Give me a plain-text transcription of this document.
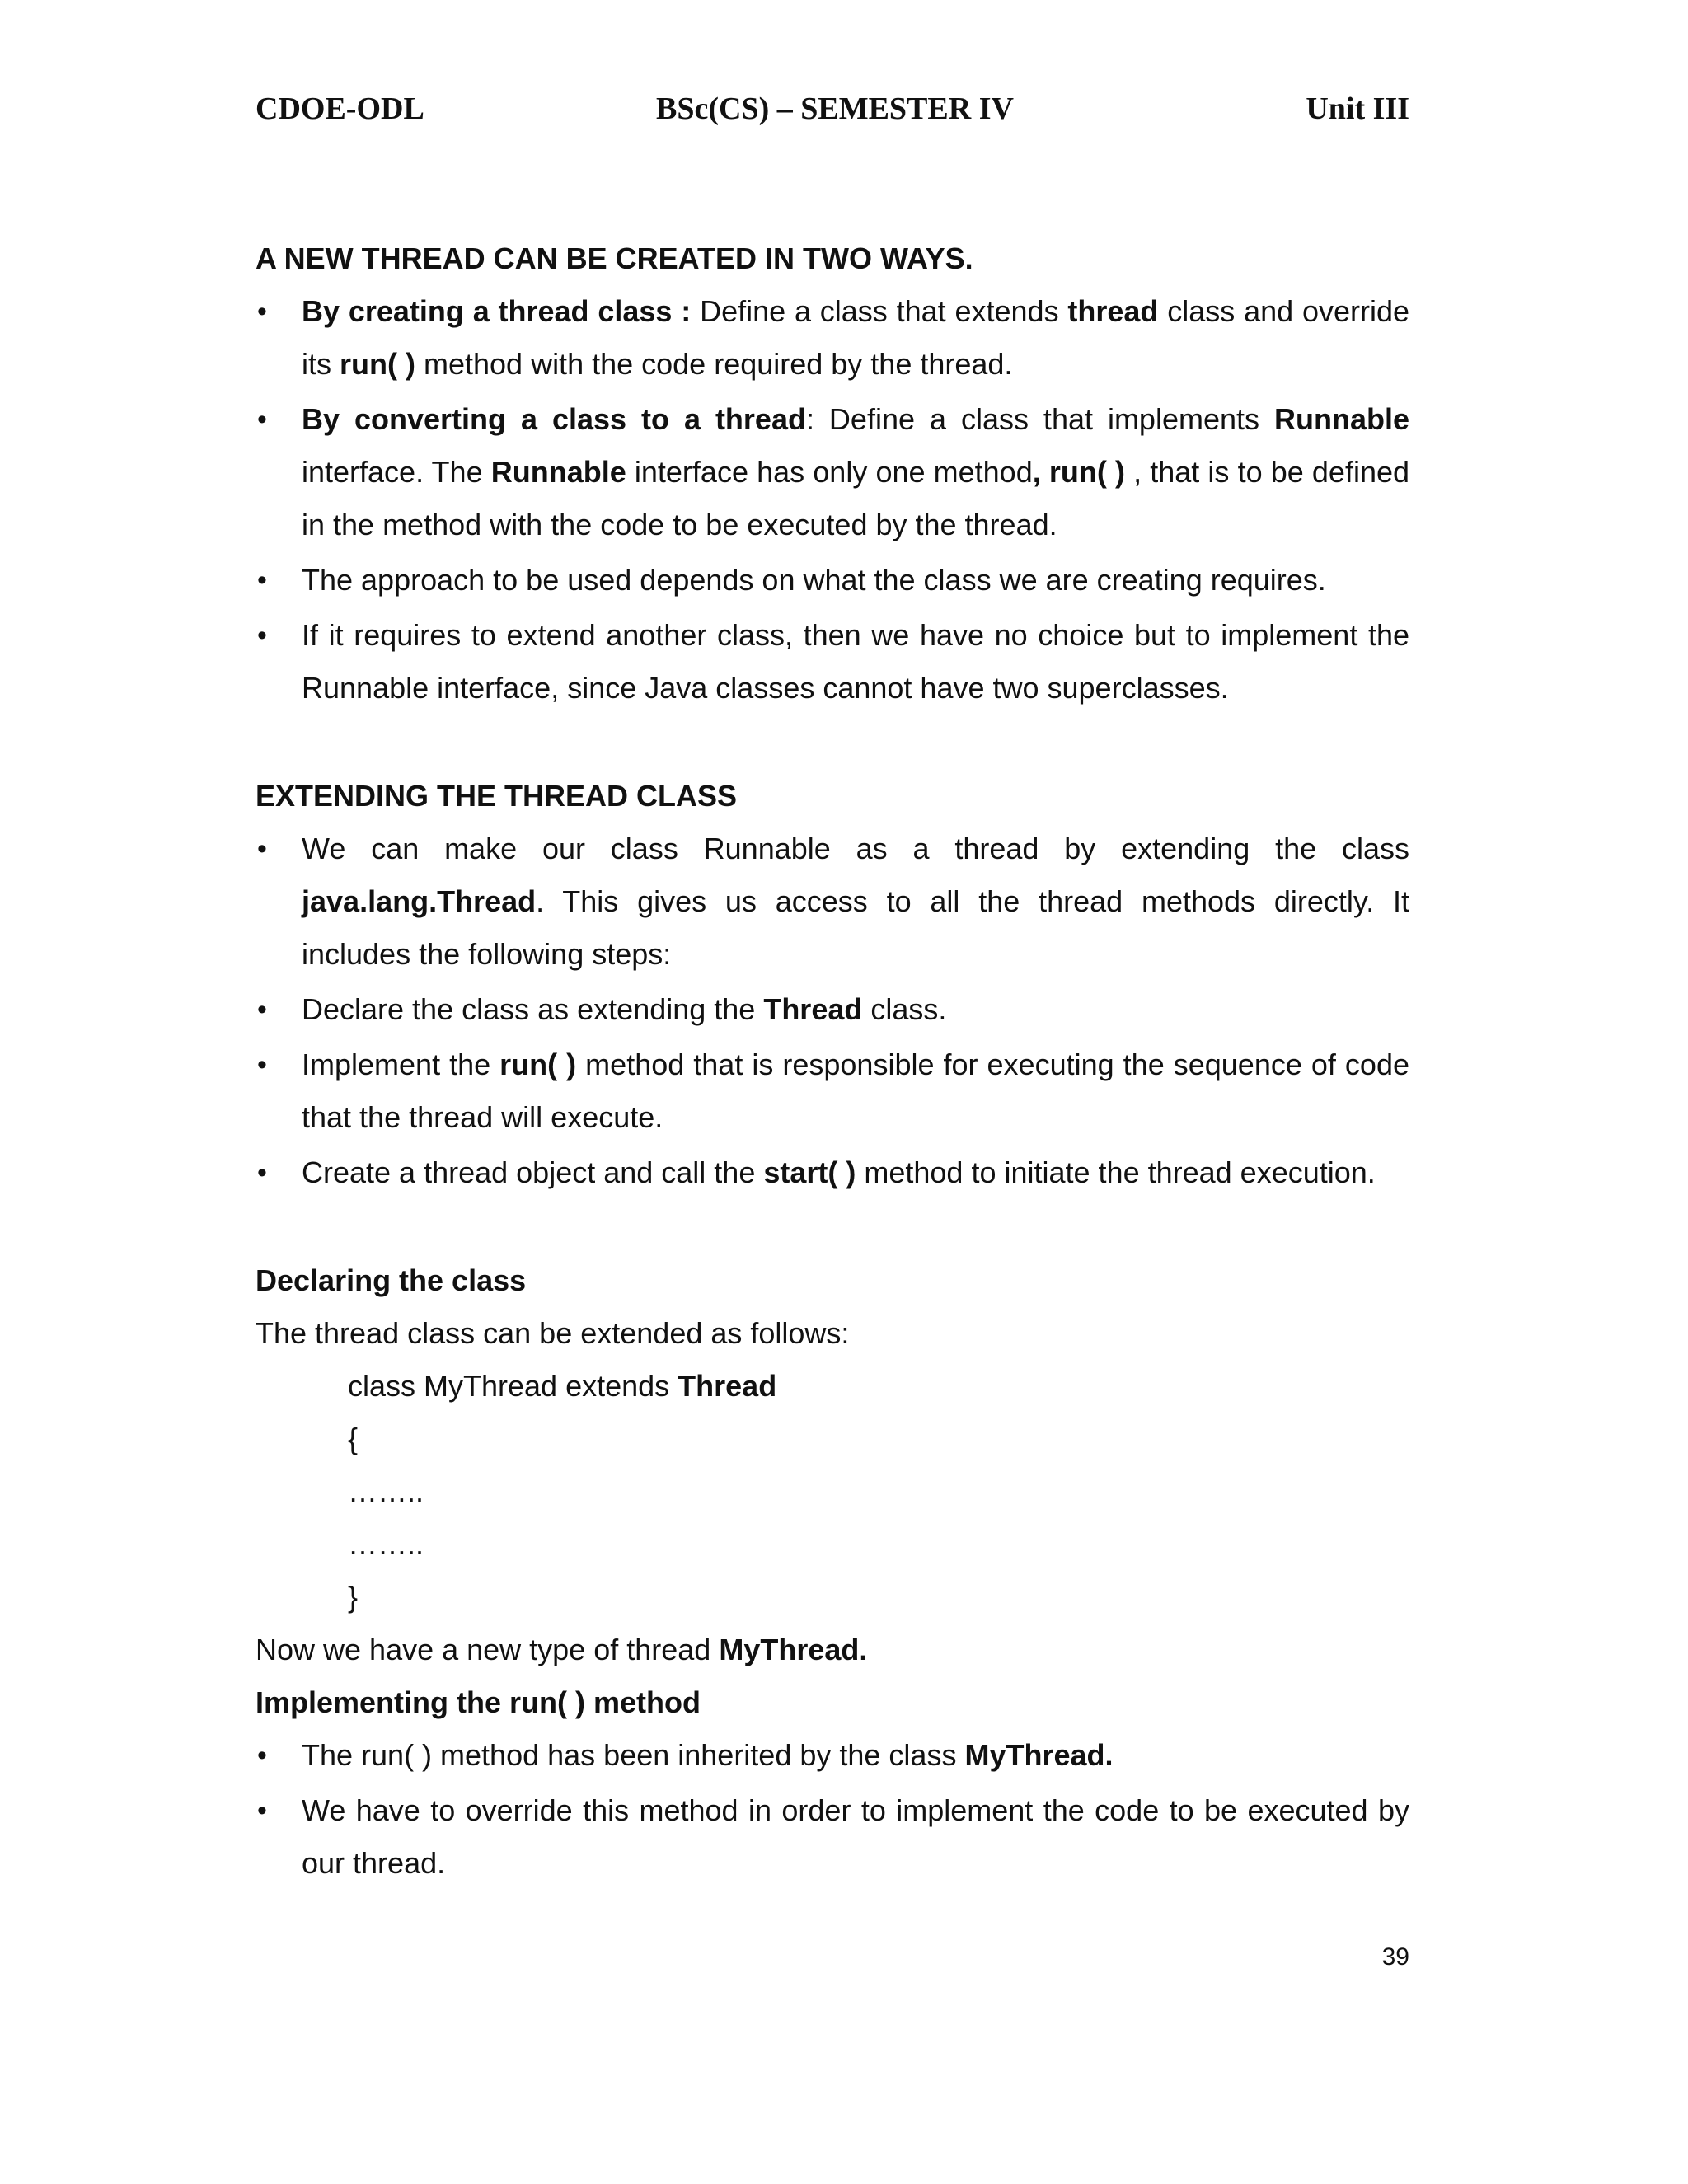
CDOE-ODL	BSc(CS) – SEMESTER IV	Unit III

A NEW THREAD CAN BE CREATED IN TWO WAYS.

• By creating a thread class : Define a class that extends thread class and override its run( ) method with the code required by the thread.
• By converting a class to a thread: Define a class that implements Runnable interface. The Runnable interface has only one method, run( ) , that is to be defined in the method with the code to be executed by the thread.
• The approach to be used depends on what the class we are creating requires.
• If it requires to extend another class, then we have no choice but to implement the Runnable interface, since Java classes cannot have two superclasses.

EXTENDING THE THREAD CLASS

• We can make our class Runnable as a thread by extending the class java.lang.Thread. This gives us access to all the thread methods directly. It includes the following steps:
• Declare the class as extending the Thread class.
• Implement the run( ) method that is responsible for executing the sequence of code that the thread will execute.
• Create a thread object and call the start( ) method to initiate the thread execution.

Declaring the class

The thread class can be extended as follows:

class MyThread extends Thread
{
……..
……..
}

Now we have a new type of thread MyThread.

Implementing the run( ) method

• The run( ) method has been inherited by the class MyThread.
• We have to override this method in order to implement the code to be executed by our thread.
39
